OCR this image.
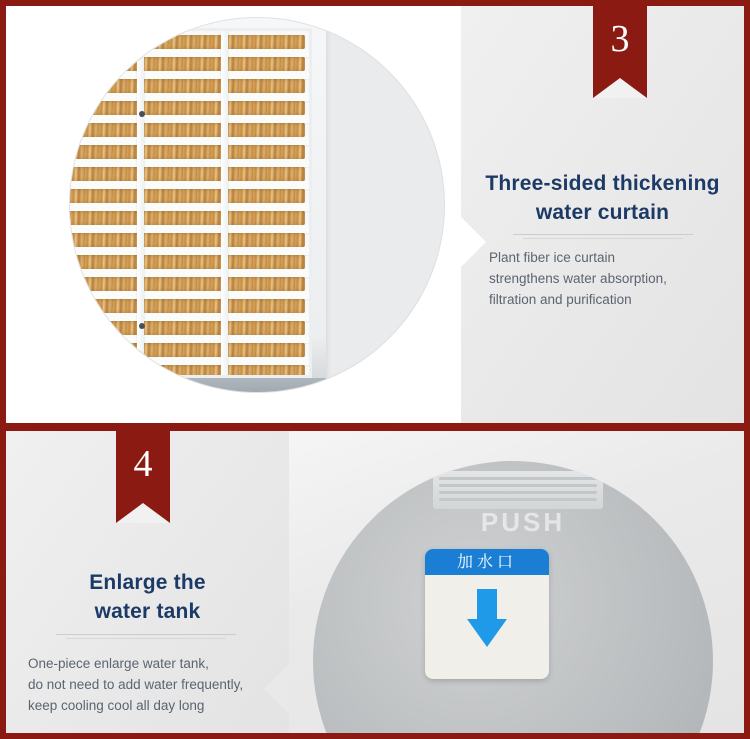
3
Three-sided thickening
water curtain
Plant fiber ice curtain
strengthens water absorption,
filtration and purification
4
Enlarge the
water tank
One-piece enlarge water tank,
do not need to add water frequently,
keep cooling cool all day long
PUSH
加水口
